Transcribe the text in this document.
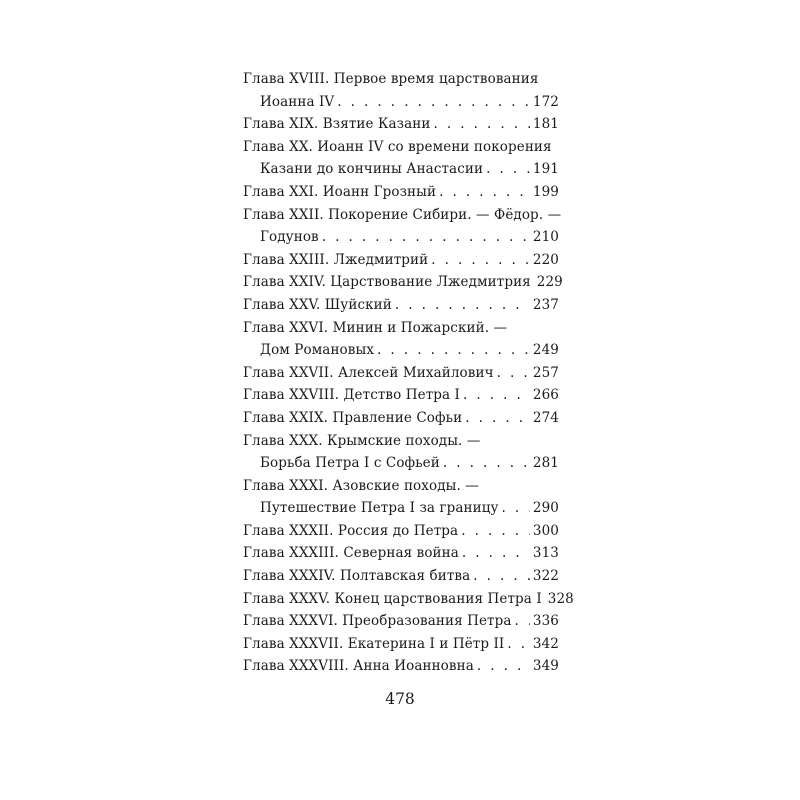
Глава XVIII. Первое время царствования
Иоанна IV . . .	172
Глава XIX. Взятие Казани . . .	181
Глава XX. Иоанн IV со времени покорения
Казани до кончины Анастасии . . .	191
Глава XXI. Иоанн Грозный . . .	199
Глава XXII. Покорение Сибири. — Фёдор. —
Годунов . . .	210
Глава XXIII. Лжедмитрий . . .	220
Глава XXIV. Царствование Лжедмитрия 229
Глава XXV. Шуйский . . .	237
Глава XXVI. Минин и Пожарский. —
Дом Романовых . . .	249
Глава XXVII. Алексей Михайлович . . .	257
Глава XXVIII. Детство Петра I . . .	266
Глава XXIX. Правление Софьи . . .	274
Глава XXX. Крымские походы. —
Борьба Петра I с Софьей . . .	281
Глава XXXI. Азовские походы. —
Путешествие Петра I за границу . . .	290
Глава XXXII. Россия до Петра . . .	300
Глава XXXIII. Северная война . . .	313
Глава XXXIV. Полтавская битва . . .	322
Глава XXXV. Конец царствования Петра I 328
Глава XXXVI. Преобразования Петра . . . 336
Глава XXXVII. Екатерина I и Пётр II . . . 342
Глава XXXVIII. Анна Иоанновна . . .	349
478
